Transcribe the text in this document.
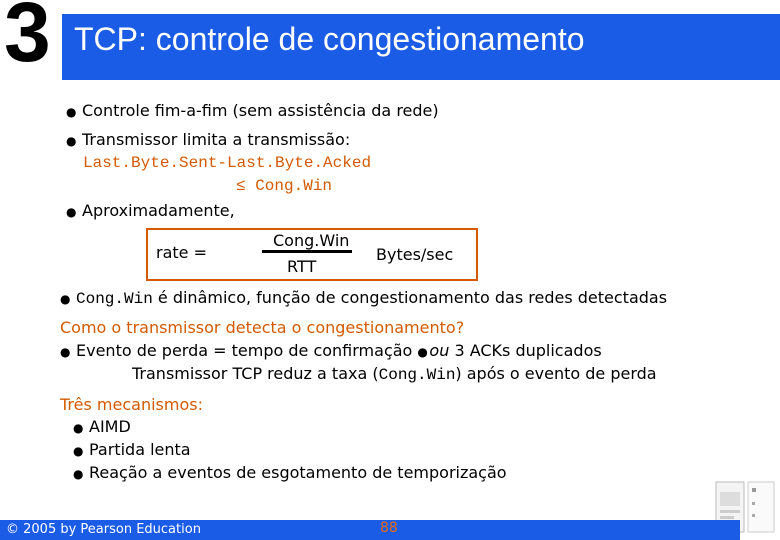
3 TCP: controle de congestionamento
● Controle fim-a-fim (sem assistência da rede)
● Transmissor limita a transmissão:
Last.Byte.Sent-Last.Byte.Acked
≤ Cong.Win
● Aproximadamente,
rate =
Cong.Win
RTT
Bytes/sec
● Cong.Win é dinâmico, função de congestionamento das redes detectadas
Como o transmissor detecta o congestionamento?
● Evento de perda = tempo de confirmação ●ou 3 ACKs duplicados
Transmissor TCP reduz a taxa (Cong.Win) após o evento de perda
Três mecanismos:
● AIMD
● Partida lenta
● Reação a eventos de esgotamento de temporização
© 2005 by Pearson Education	88
